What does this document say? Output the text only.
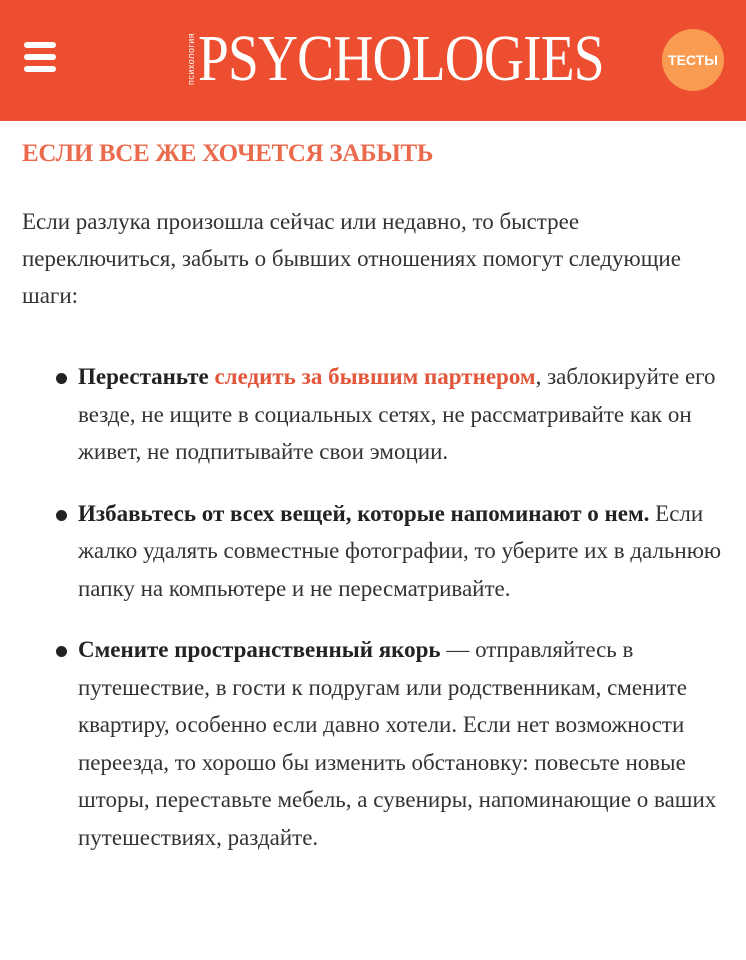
психология PSYCHOLOGIES	ТЕСТЫ
ЕСЛИ ВСЕ ЖЕ ХОЧЕТСЯ ЗАБЫТЬ

Если разлука произошла сейчас или недавно, то быстрее переключиться, забыть о бывших отношениях помогут следующие шаги:

Перестаньте следить за бывшим партнером, заблокируйте его везде, не ищите в социальных сетях, не рассматривайте как он живет, не подпитывайте свои эмоции.
Избавьтесь от всех вещей, которые напоминают о нем. Если жалко удалять совместные фотографии, то уберите их в дальнюю папку на компьютере и не пересматривайте.
Смените пространственный якорь — отправляйтесь в путешествие, в гости к подругам или родственникам, смените квартиру, особенно если давно хотели. Если нет возможности переезда, то хорошо бы изменить обстановку: повесьте новые шторы, переставьте мебель, а сувениры, напоминающие о ваших путешествиях, раздайте.
